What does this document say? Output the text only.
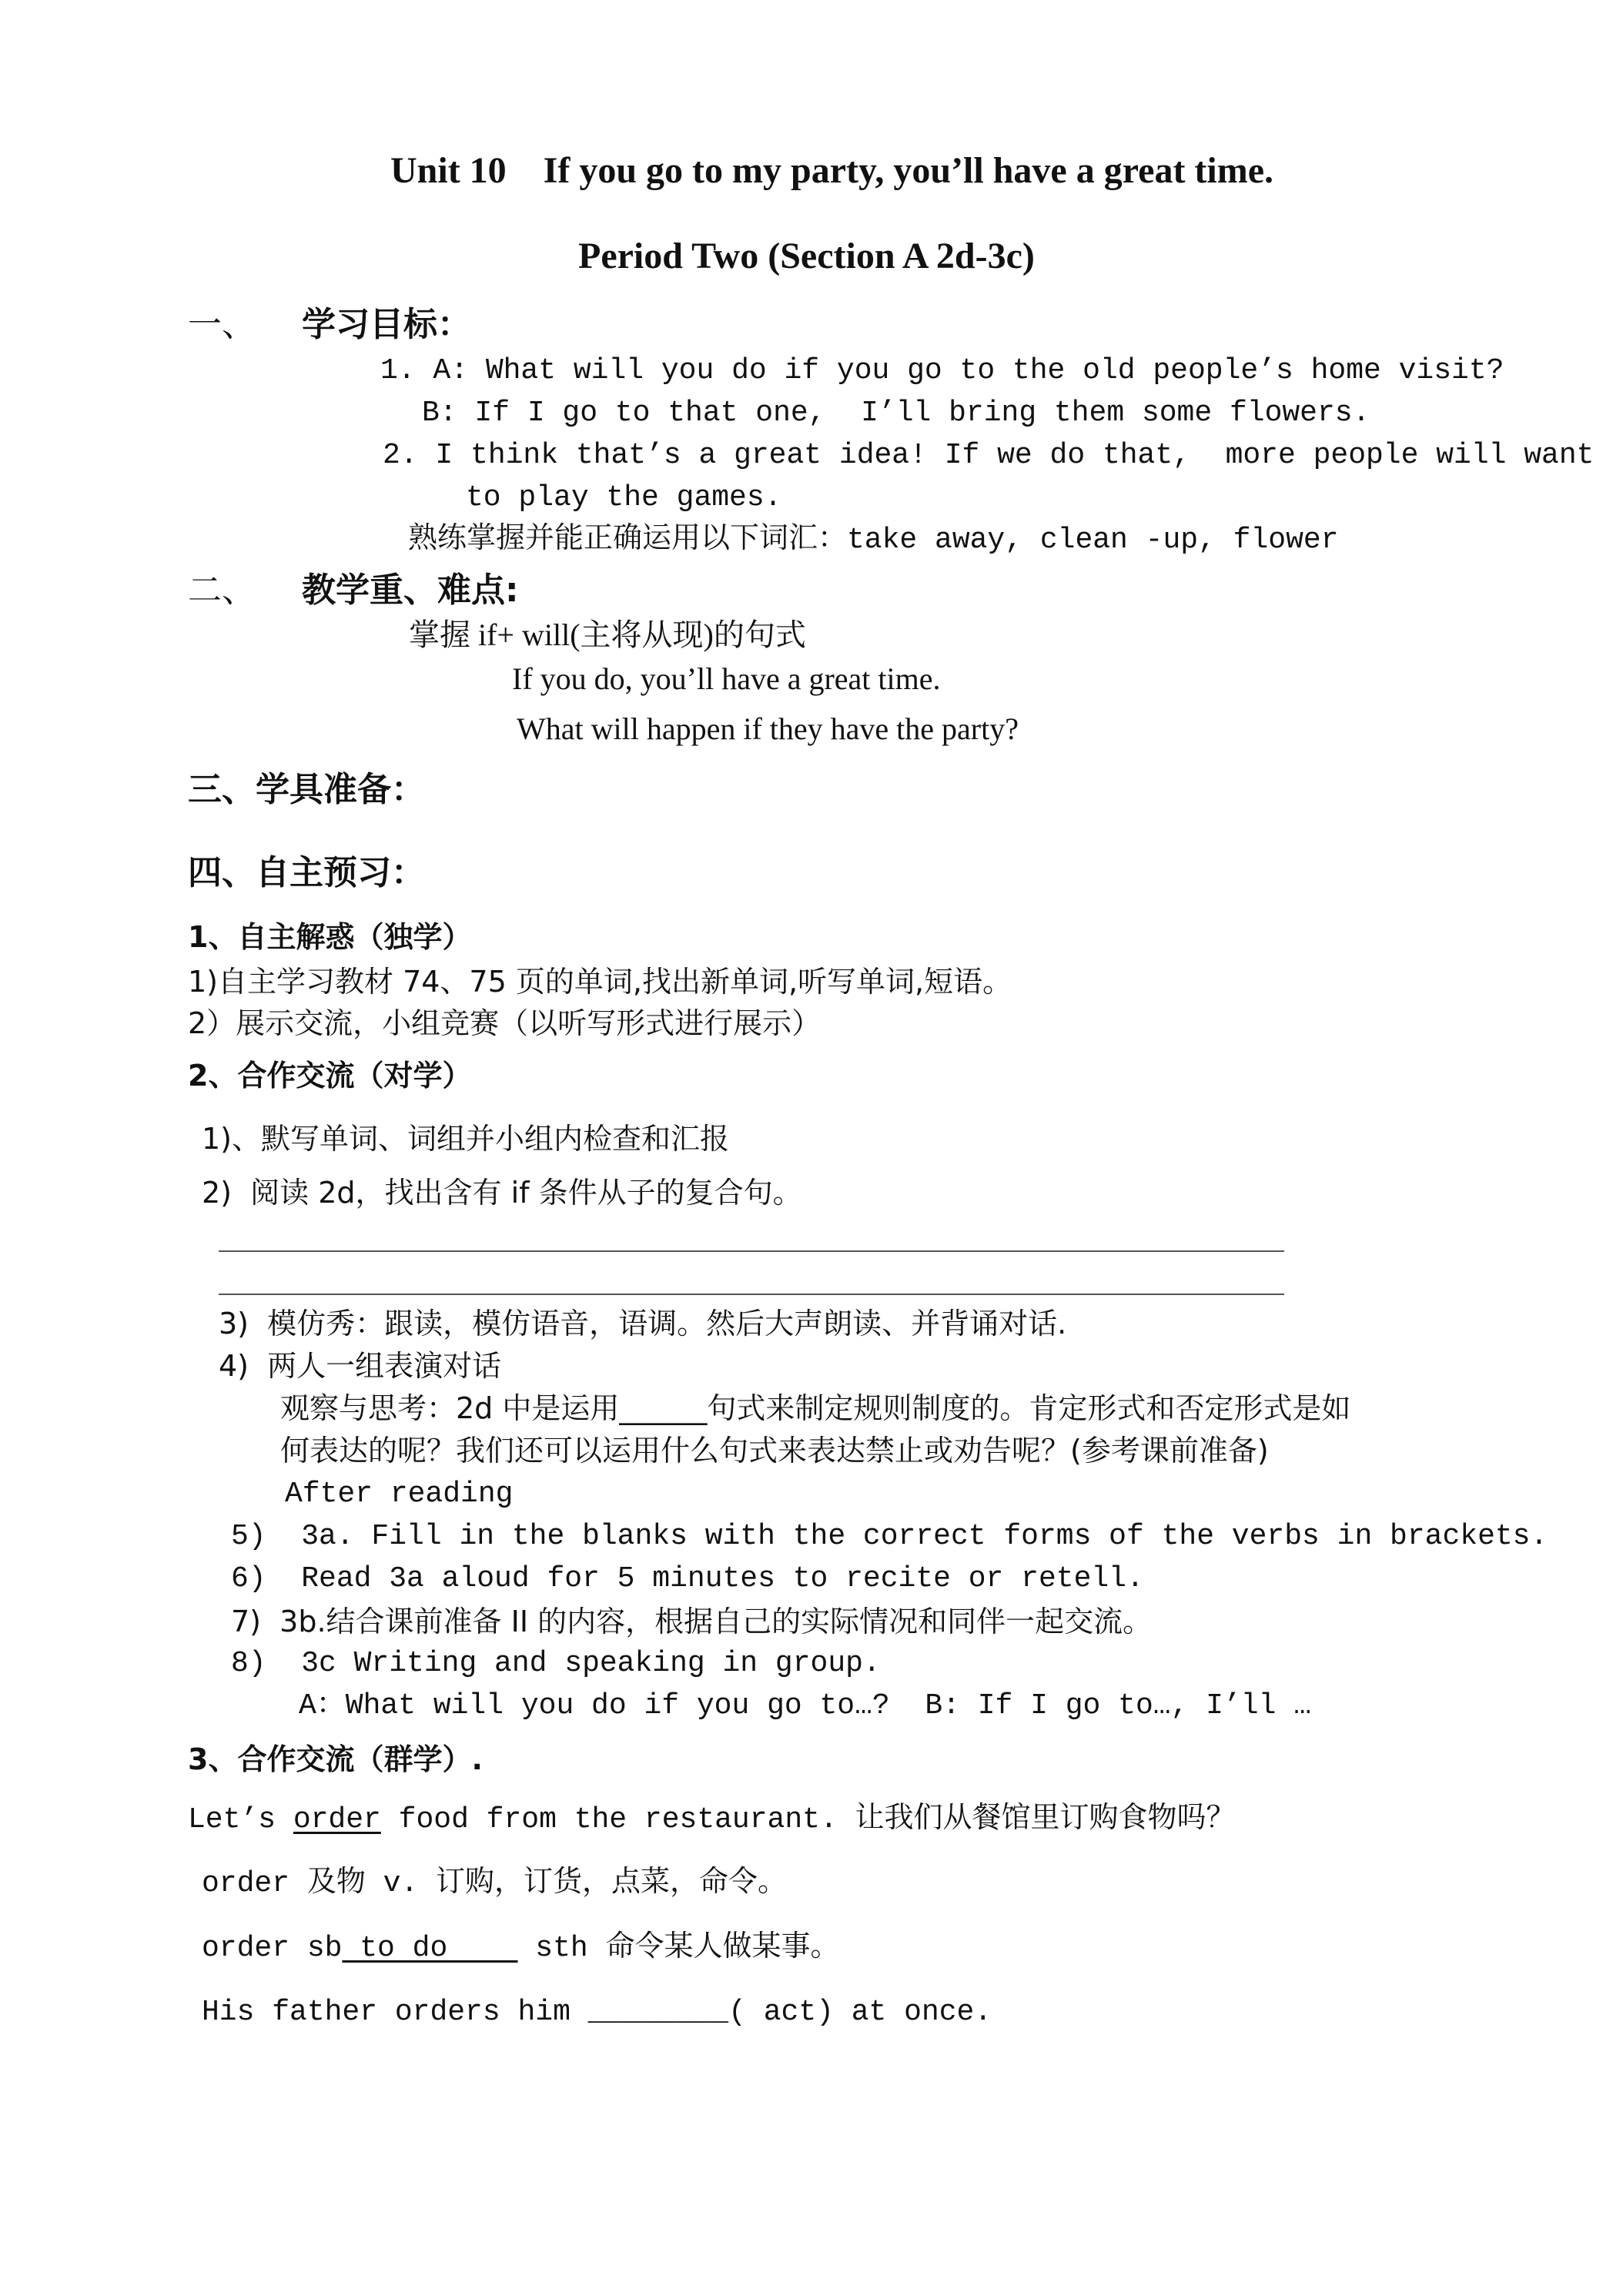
Unit 10    If you go to my party, you’ll have a great time.
Period Two (Section A 2d-3c)
一、 学习目标：
1. A: What will you do if you go to the old people’s home visit?
B: If I go to that one,  I’ll bring them some flowers.
2. I think that’s a great idea! If we do that,  more people will want
to play the games.
熟练掌握并能正确运用以下词汇：take away, clean -up, flower
二、 教学重、难点:
掌握 if+ will(主将从现)的句式
If you do, you’ll have a great time.
What will happen if they have the party?
三、学具准备：
四、自主预习：
1、自主解惑（独学）
1)自主学习教材 74、75 页的单词,找出新单词,听写单词,短语。
2）展示交流，小组竞赛（以听写形式进行展示）
2、合作交流（对学）
1)、默写单词、词组并小组内检查和汇报
2)  阅读 2d，找出含有 if 条件从子的复合句。
3)  模仿秀：跟读，模仿语音，语调。然后大声朗读、并背诵对话.
4)  两人一组表演对话
观察与思考：2d 中是运用______句式来制定规则制度的。肯定形式和否定形式是如
何表达的呢？我们还可以运用什么句式来表达禁止或劝告呢？(参考课前准备)
After reading
5)  3a. Fill in the blanks with the correct forms of the verbs in brackets.
6)  Read 3a aloud for 5 minutes to recite or retell.
7)  3b.结合课前准备 II 的内容，根据自己的实际情况和同伴一起交流。
8)  3c Writing and speaking in group.
A：What will you do if you go to…?  B: If I go to…, I’ll …
3、合作交流（群学）.
Let’s order food from the restaurant. 让我们从餐馆里订购食物吗？
order 及物 v. 订购，订货，点菜，命令。
order sb to do     sth 命令某人做某事。
His father orders him ________( act) at once.
